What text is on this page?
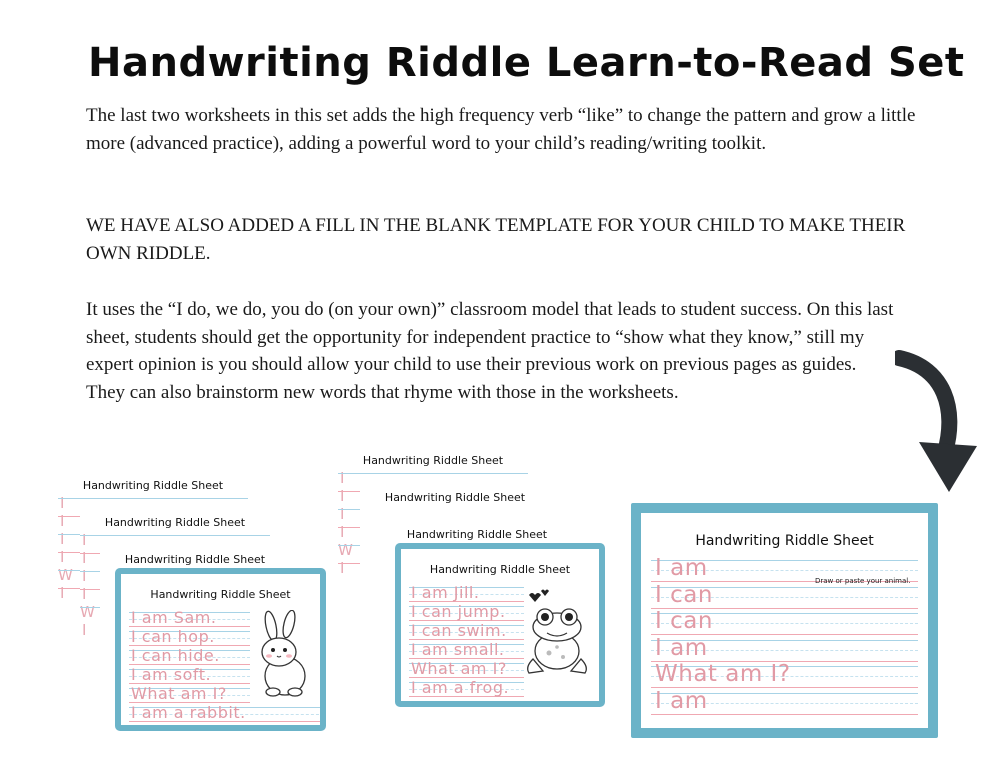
Handwriting Riddle Learn-to-Read Set

The last two worksheets in this set adds the high frequency verb “like” to change the pattern and grow a little more (advanced practice), adding a powerful word to your child’s reading/writing toolkit.

WE HAVE ALSO ADDED A FILL IN THE BLANK TEMPLATE FOR YOUR CHILD TO MAKE THEIR OWN RIDDLE.

It uses the “I do, we do, you do (on your own)” classroom model that leads to student success. On this last sheet, students should get the opportunity for independent practice to “show what they know,” still my expert opinion is you should allow your child to use their previous work on previous pages as guides. They can also brainstorm new words that rhyme with those in the worksheets.

Handwriting Riddle Sheet
I
I
I
I
W
I
Handwriting Riddle Sheet
I
I
I
I
W
I
Handwriting Riddle Sheet
Handwriting Riddle Sheet
I am Sam.
I can hop.
I can hide.
I am soft.
What am I?
I am a rabbit.
Handwriting Riddle Sheet
I
I
I
I
W
I
Handwriting Riddle Sheet
Handwriting Riddle Sheet
Handwriting Riddle Sheet
I am Jill.
I can jump.
I can swim.
I am small.
What am I?
I am a frog.
Handwriting Riddle Sheet
I am
I can
I can
I am
What am I?
I am
Draw or paste your animal.
